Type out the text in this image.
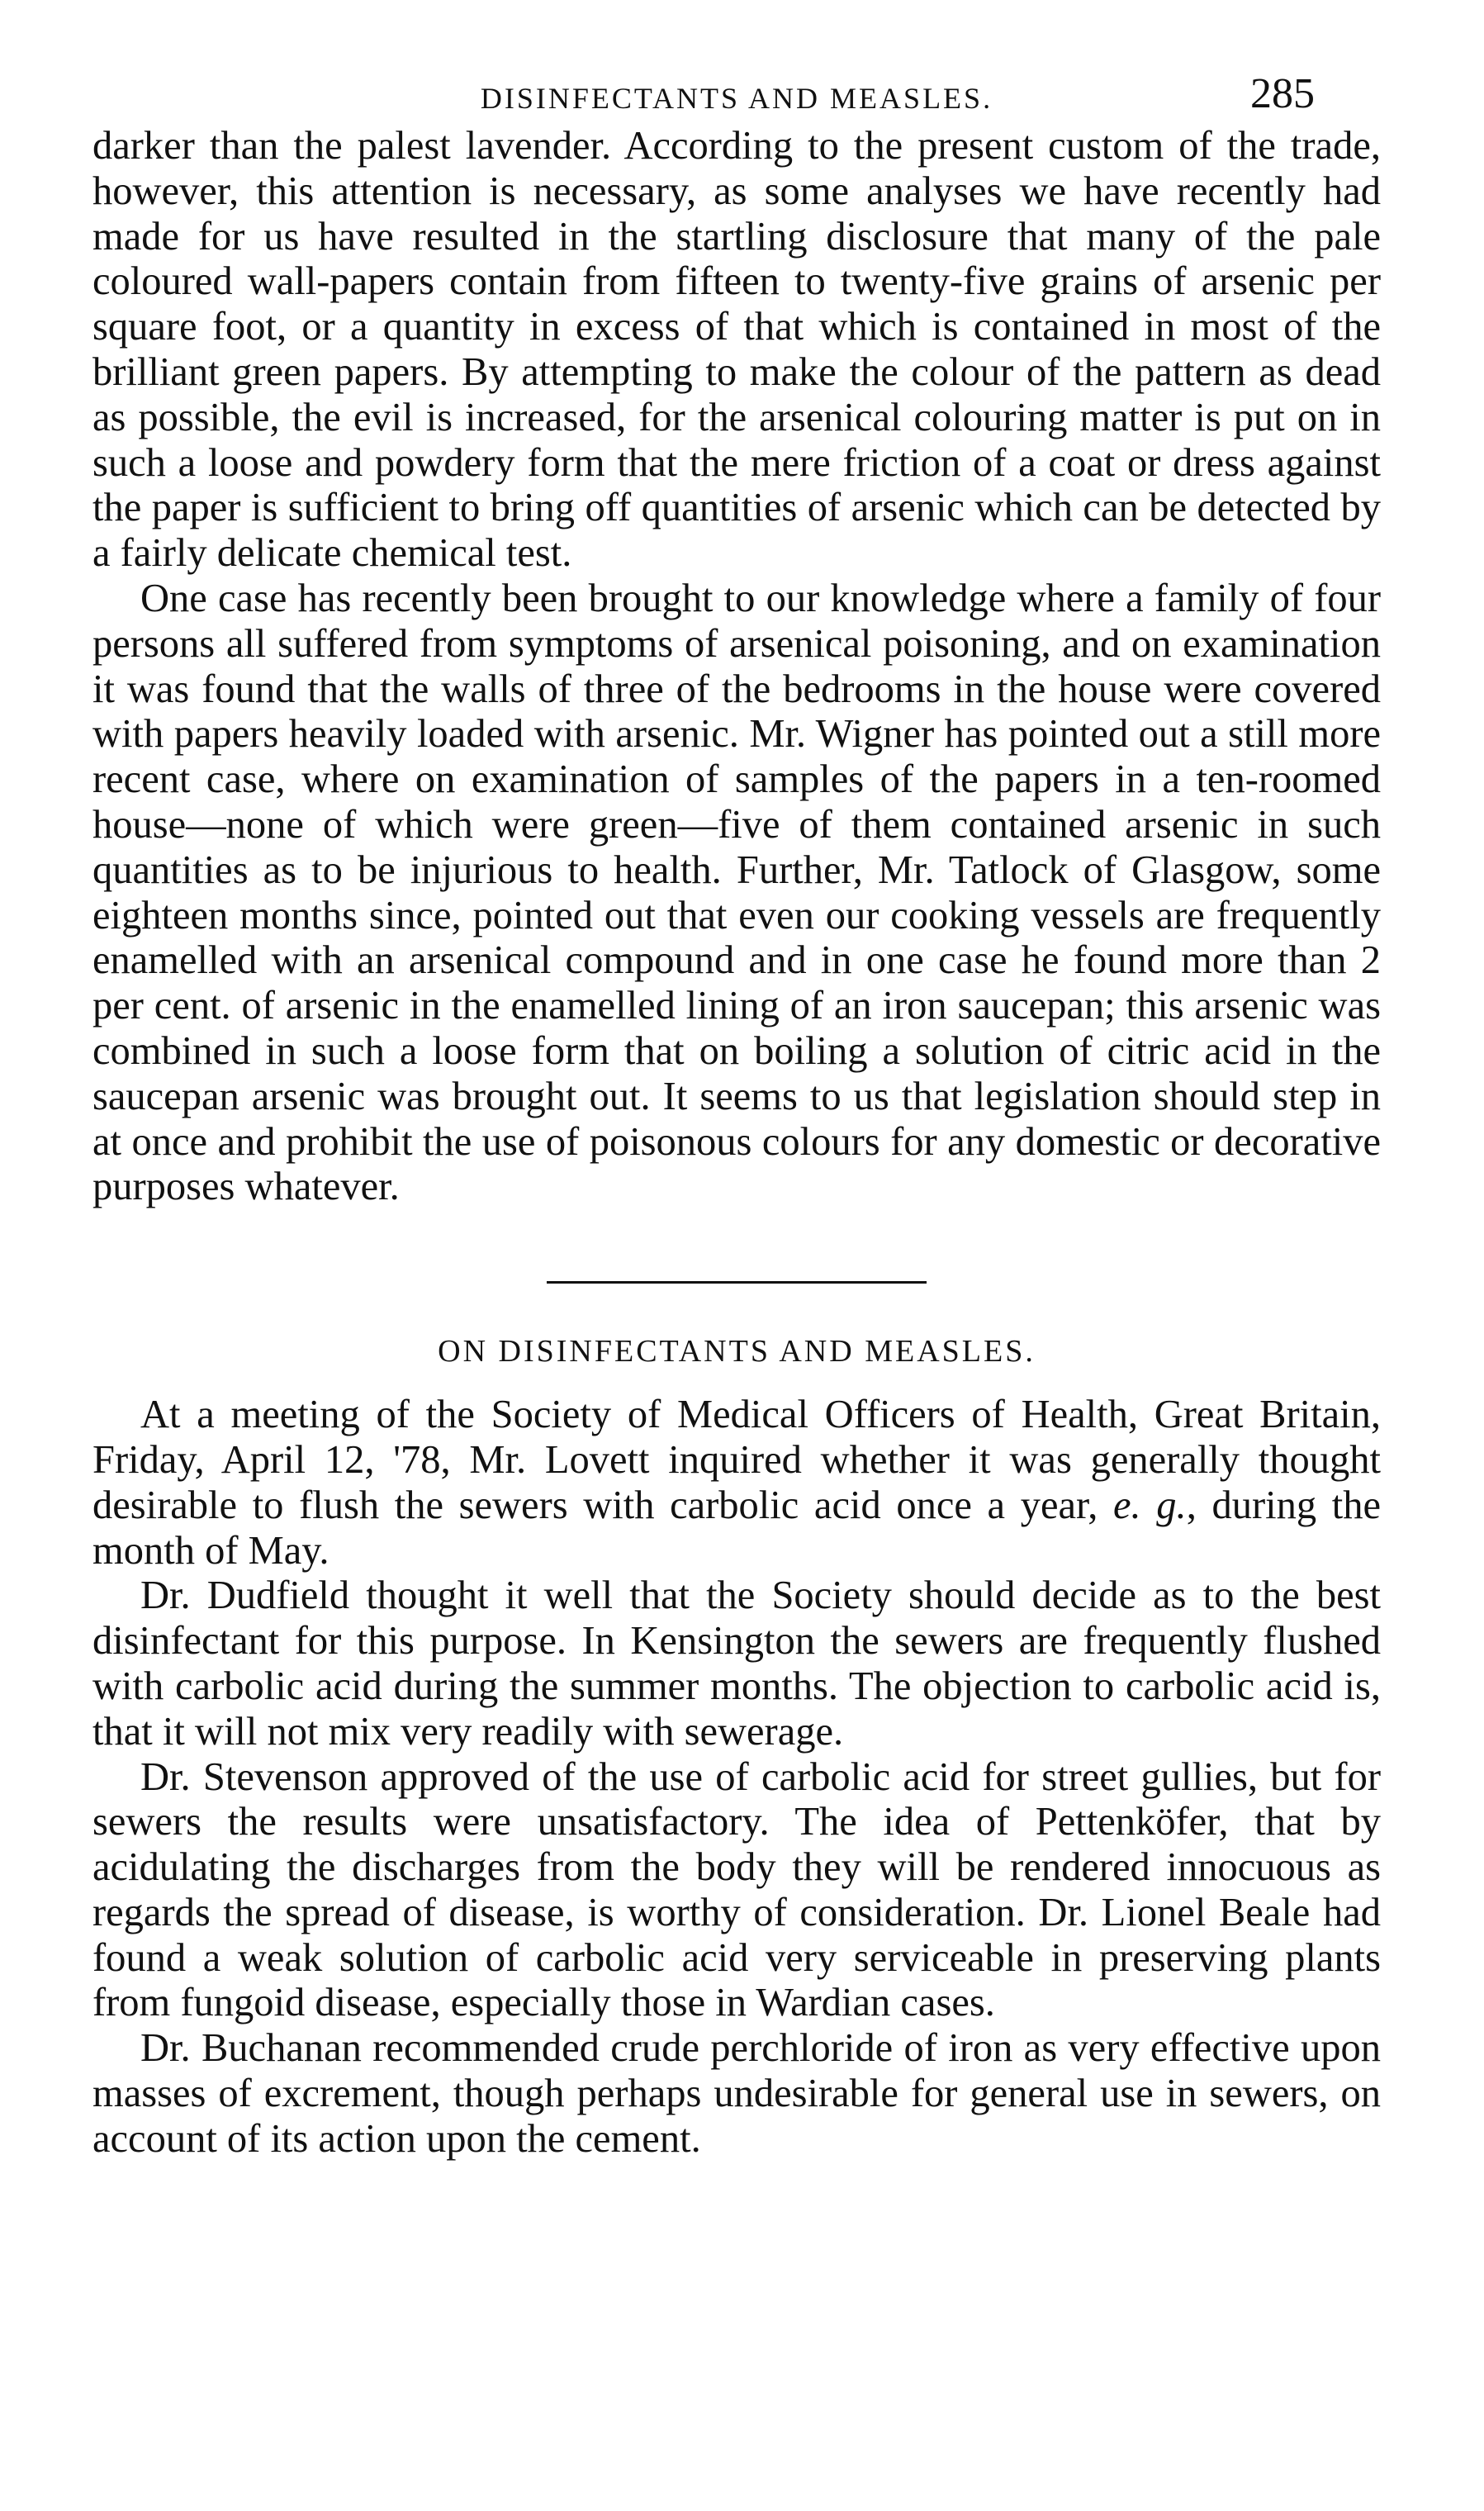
DISINFECTANTS AND MEASLES.	285

darker than the palest lavender. According to the present custom of the trade, however, this attention is necessary, as some analyses we have recently had made for us have resulted in the startling disclosure that many of the pale coloured wall-papers contain from fifteen to twenty-five grains of arsenic per square foot, or a quantity in excess of that which is contained in most of the brilliant green papers. By attempting to make the colour of the pattern as dead as possible, the evil is increased, for the arsenical colouring matter is put on in such a loose and powdery form that the mere friction of a coat or dress against the paper is sufficient to bring off quantities of arsenic which can be detected by a fairly delicate chemical test.

One case has recently been brought to our knowledge where a family of four persons all suffered from symptoms of arsenical poisoning, and on examination it was found that the walls of three of the bedrooms in the house were covered with papers heavily loaded with arsenic. Mr. Wigner has pointed out a still more recent case, where on examination of samples of the papers in a ten-roomed house—none of which were green—five of them contained arsenic in such quantities as to be injurious to health. Further, Mr. Tatlock of Glasgow, some eighteen months since, pointed out that even our cooking vessels are frequently enamelled with an arsenical compound and in one case he found more than 2 per cent. of arsenic in the enamelled lining of an iron saucepan; this arsenic was combined in such a loose form that on boiling a solution of citric acid in the saucepan arsenic was brought out. It seems to us that legislation should step in at once and prohibit the use of poisonous colours for any domestic or decorative purposes whatever.

ON DISINFECTANTS AND MEASLES.

At a meeting of the Society of Medical Officers of Health, Great Britain, Friday, April 12, '78, Mr. Lovett inquired whether it was generally thought desirable to flush the sewers with carbolic acid once a year, e. g., during the month of May.

Dr. Dudfield thought it well that the Society should decide as to the best disinfectant for this purpose. In Kensington the sewers are frequently flushed with carbolic acid during the summer months. The objection to carbolic acid is, that it will not mix very readily with sewerage.

Dr. Stevenson approved of the use of carbolic acid for street gullies, but for sewers the results were unsatisfactory. The idea of Pettenköfer, that by acidulating the discharges from the body they will be rendered innocuous as regards the spread of disease, is worthy of consideration. Dr. Lionel Beale had found a weak solution of carbolic acid very serviceable in preserving plants from fungoid disease, especially those in Wardian cases.

Dr. Buchanan recommended crude perchloride of iron as very effective upon masses of excrement, though perhaps undesirable for general use in sewers, on account of its action upon the cement.
